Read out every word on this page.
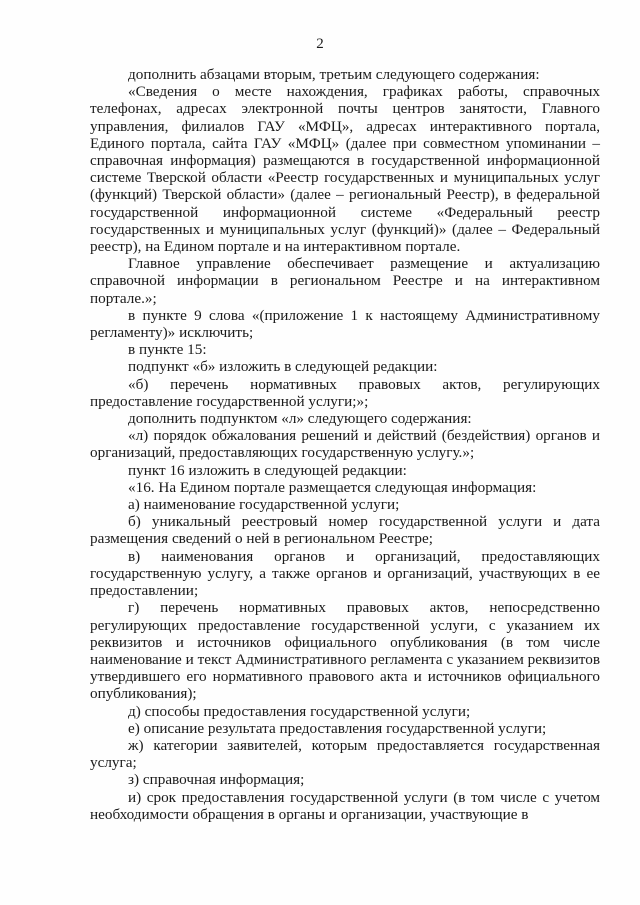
2

дополнить абзацами вторым, третьим следующего содержания:

«Сведения о месте нахождения, графиках работы, справочных телефонах, адресах электронной почты центров занятости, Главного управления, филиалов ГАУ «МФЦ», адресах интерактивного портала, Единого портала, сайта ГАУ «МФЦ» (далее при совместном упоминании – справочная информация) размещаются в государственной информационной системе Тверской области «Реестр государственных и муниципальных услуг (функций) Тверской области» (далее – региональный Реестр), в федеральной государственной информационной системе «Федеральный реестр государственных и муниципальных услуг (функций)» (далее – Федеральный реестр), на Едином портале и на интерактивном портале.

Главное управление обеспечивает размещение и актуализацию справочной информации в региональном Реестре и на интерактивном портале.»;

в пункте 9 слова «(приложение 1 к настоящему Административному регламенту)» исключить;

в пункте 15:

подпункт «б» изложить в следующей редакции:

«б) перечень нормативных правовых актов, регулирующих предоставление государственной услуги;»;

дополнить подпунктом «л» следующего содержания:

«л) порядок обжалования решений и действий (бездействия) органов и организаций, предоставляющих государственную услугу.»;

пункт 16 изложить в следующей редакции:

«16. На Едином портале размещается следующая информация:

а) наименование государственной услуги;

б) уникальный реестровый номер государственной услуги и дата размещения сведений о ней в региональном Реестре;

в) наименования органов и организаций, предоставляющих государственную услугу, а также органов и организаций, участвующих в ее предоставлении;

г) перечень нормативных правовых актов, непосредственно регулирующих предоставление государственной услуги, с указанием их реквизитов и источников официального опубликования (в том числе наименование и текст Административного регламента с указанием реквизитов утвердившего его нормативного правового акта и источников официального опубликования);

д) способы предоставления государственной услуги;

е) описание результата предоставления государственной услуги;

ж) категории заявителей, которым предоставляется государственная услуга;

з) справочная информация;

и) срок предоставления государственной услуги (в том числе с учетом необходимости обращения в органы и организации, участвующие в
